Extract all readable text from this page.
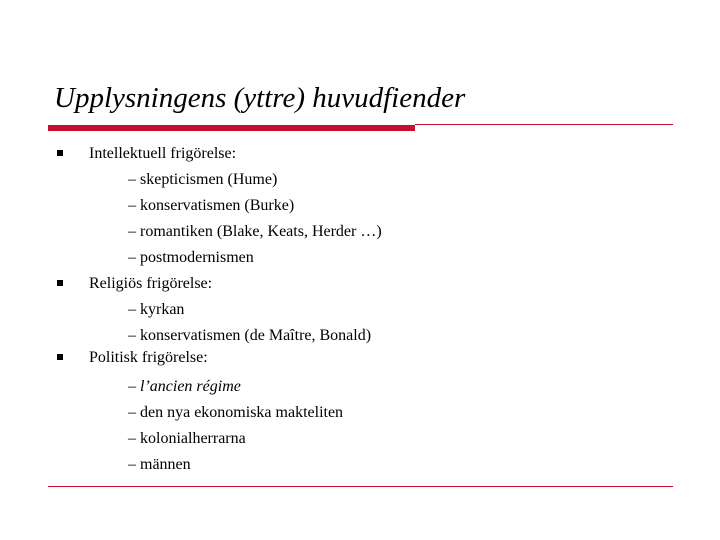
Upplysningens (yttre) huvudfiender
Intellektuell frigörelse:
– skepticismen (Hume)
– konservatismen (Burke)
– romantiken (Blake, Keats, Herder …)
– postmodernismen
Religiös frigörelse:
– kyrkan
– konservatismen (de Maître, Bonald)
Politisk frigörelse:
– l’ancien régime
– den nya ekonomiska makteliten
– kolonialherrarna
– männen
